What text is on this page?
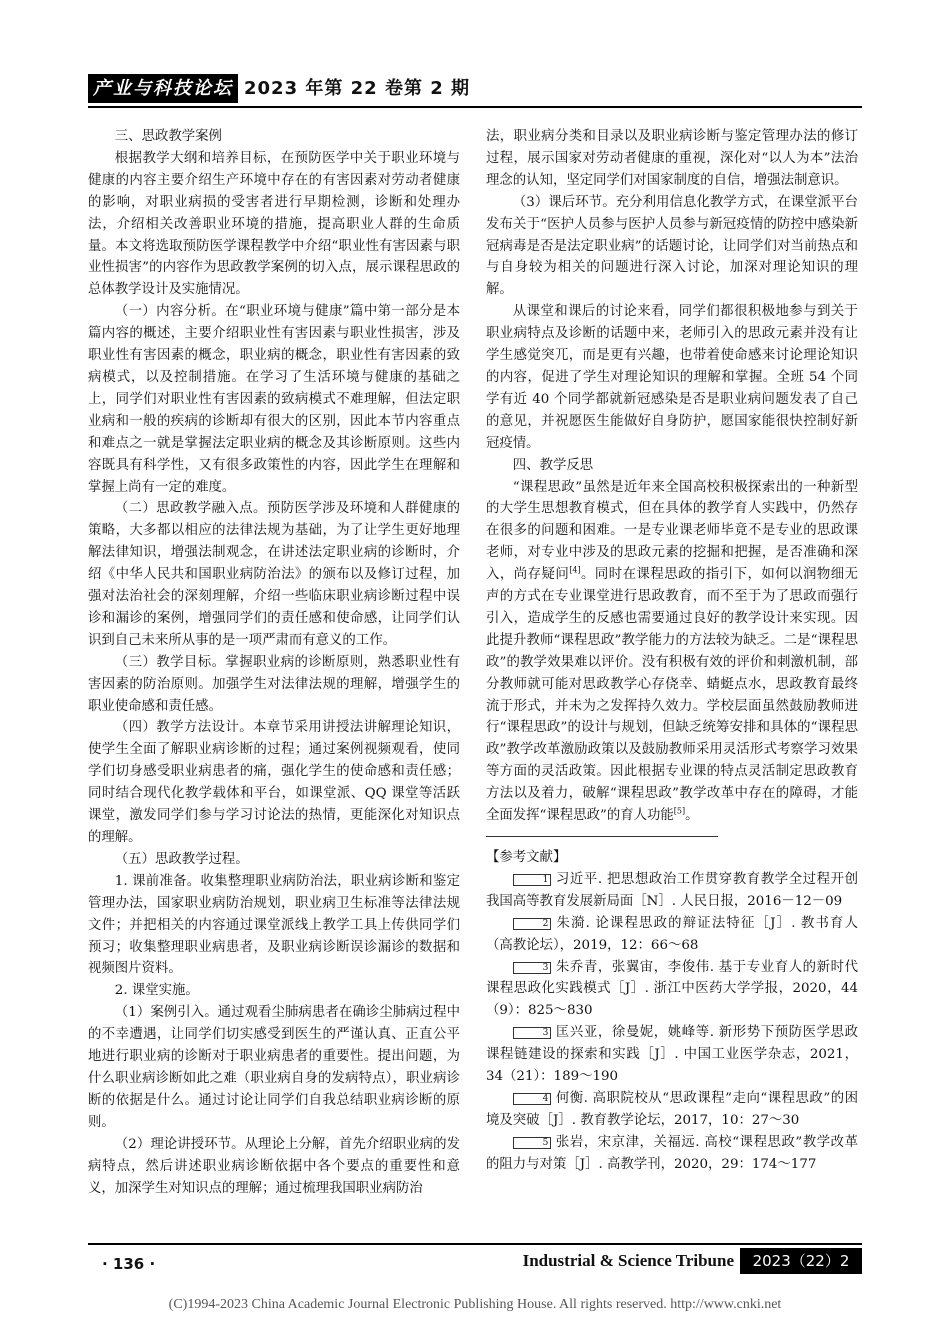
产业与科技论坛 2023 年第 22 卷第 2 期

三、思政教学案例

根据教学大纲和培养目标，在预防医学中关于职业环境与健康的内容主要介绍生产环境中存在的有害因素对劳动者健康的影响，对职业病损的受害者进行早期检测，诊断和处理办法，介绍相关改善职业环境的措施，提高职业人群的生命质量。本文将选取预防医学课程教学中介绍“职业性有害因素与职业性损害”的内容作为思政教学案例的切入点，展示课程思政的总体教学设计及实施情况。

（一）内容分析。在“职业环境与健康”篇中第一部分是本篇内容的概述，主要介绍职业性有害因素与职业性损害，涉及职业性有害因素的概念，职业病的概念，职业性有害因素的致病模式，以及控制措施。在学习了生活环境与健康的基础之上，同学们对职业性有害因素的致病模式不难理解，但法定职业病和一般的疾病的诊断却有很大的区别，因此本节内容重点和难点之一就是掌握法定职业病的概念及其诊断原则。这些内容既具有科学性，又有很多政策性的内容，因此学生在理解和掌握上尚有一定的难度。

（二）思政教学融入点。预防医学涉及环境和人群健康的策略，大多都以相应的法律法规为基础，为了让学生更好地理解法律知识，增强法制观念，在讲述法定职业病的诊断时，介绍《中华人民共和国职业病防治法》的颁布以及修订过程，加强对法治社会的深刻理解，介绍一些临床职业病诊断过程中误诊和漏诊的案例，增强同学们的责任感和使命感，让同学们认识到自己未来所从事的是一项严肃而有意义的工作。

（三）教学目标。掌握职业病的诊断原则，熟悉职业性有害因素的防治原则。加强学生对法律法规的理解，增强学生的职业使命感和责任感。

（四）教学方法设计。本章节采用讲授法讲解理论知识，使学生全面了解职业病诊断的过程；通过案例视频观看，使同学们切身感受职业病患者的痛，强化学生的使命感和责任感；同时结合现代化教学载体和平台，如课堂派、QQ 课堂等活跃课堂，激发同学们参与学习讨论法的热情，更能深化对知识点的理解。

（五）思政教学过程。

1. 课前准备。收集整理职业病防治法，职业病诊断和鉴定管理办法，国家职业病防治规划，职业病卫生标准等法律法规文件；并把相关的内容通过课堂派线上教学工具上传供同学们预习；收集整理职业病患者，及职业病诊断误诊漏诊的数据和视频图片资料。

2. 课堂实施。

（1）案例引入。通过观看尘肺病患者在确诊尘肺病过程中的不幸遭遇，让同学们切实感受到医生的严谨认真、正直公平地进行职业病的诊断对于职业病患者的重要性。提出问题，为什么职业病诊断如此之难（职业病自身的发病特点），职业病诊断的依据是什么。通过讨论让同学们自我总结职业病诊断的原则。

（2）理论讲授环节。从理论上分解，首先介绍职业病的发病特点，然后讲述职业病诊断依据中各个要点的重要性和意义，加深学生对知识点的理解；通过梳理我国职业病防治

法，职业病分类和目录以及职业病诊断与鉴定管理办法的修订过程，展示国家对劳动者健康的重视，深化对“以人为本”法治理念的认知，坚定同学们对国家制度的自信，增强法制意识。

（3）课后环节。充分利用信息化教学方式，在课堂派平台发布关于“医护人员参与医护人员参与新冠疫情的防控中感染新冠病毒是否是法定职业病”的话题讨论，让同学们对当前热点和与自身较为相关的问题进行深入讨论，加深对理论知识的理解。

从课堂和课后的讨论来看，同学们都很积极地参与到关于职业病特点及诊断的话题中来，老师引入的思政元素并没有让学生感觉突兀，而是更有兴趣，也带着使命感来讨论理论知识的内容，促进了学生对理论知识的理解和掌握。全班 54 个同学有近 40 个同学都就新冠感染是否是职业病问题发表了自己的意见，并祝愿医生能做好自身防护，愿国家能很快控制好新冠疫情。

四、教学反思

“课程思政”虽然是近年来全国高校积极探索出的一种新型的大学生思想教育模式，但在具体的教学育人实践中，仍然存在很多的问题和困难。一是专业课老师毕竟不是专业的思政课老师，对专业中涉及的思政元素的挖掘和把握，是否准确和深入，尚存疑问[4]。同时在课程思政的指引下，如何以润物细无声的方式在专业课堂进行思政教育，而不至于为了思政而强行引入，造成学生的反感也需要通过良好的教学设计来实现。因此提升教师“课程思政”教学能力的方法较为缺乏。二是“课程思政”的教学效果难以评价。没有积极有效的评价和刺激机制，部分教师就可能对思政教学心存侥幸、蜻蜓点水，思政教育最终流于形式，并未为之发挥持久效力。学校层面虽然鼓励教师进行“课程思政”的设计与规划，但缺乏统筹安排和具体的“课程思政”教学改革激励政策以及鼓励教师采用灵活形式考察学习效果等方面的灵活政策。因此根据专业课的特点灵活制定思政教育方法以及着力，破解“课程思政”教学改革中存在的障碍，才能全面发挥“课程思政”的育人功能[5]。

【参考文献】

1 习近平. 把思想政治工作贯穿教育教学全过程开创我国高等教育发展新局面［N］. 人民日报，2016－12－09

2 朱漪. 论课程思政的辩证法特征［J］. 教书育人（高教论坛），2019，12：66～68

3 朱乔青，张翼宙，李俊伟. 基于专业育人的新时代课程思政化实践模式［J］. 浙江中医药大学学报，2020，44（9）：825～830

3 匡兴亚，徐曼妮，姚峰等. 新形势下预防医学思政课程链建设的探索和实践［J］. 中国工业医学杂志，2021，34（21）：189～190

4 何衡. 高职院校从“思政课程”走向“课程思政”的困境及突破［J］. 教育教学论坛，2017，10：27～30

5 张岩，宋京津，关福远. 高校“课程思政”教学改革的阻力与对策［J］. 高教学刊，2020，29：174～177

· 136 ·	Industrial & Science Tribune	2023（22）2
(C)1994-2023 China Academic Journal Electronic Publishing House. All rights reserved. http://www.cnki.net
